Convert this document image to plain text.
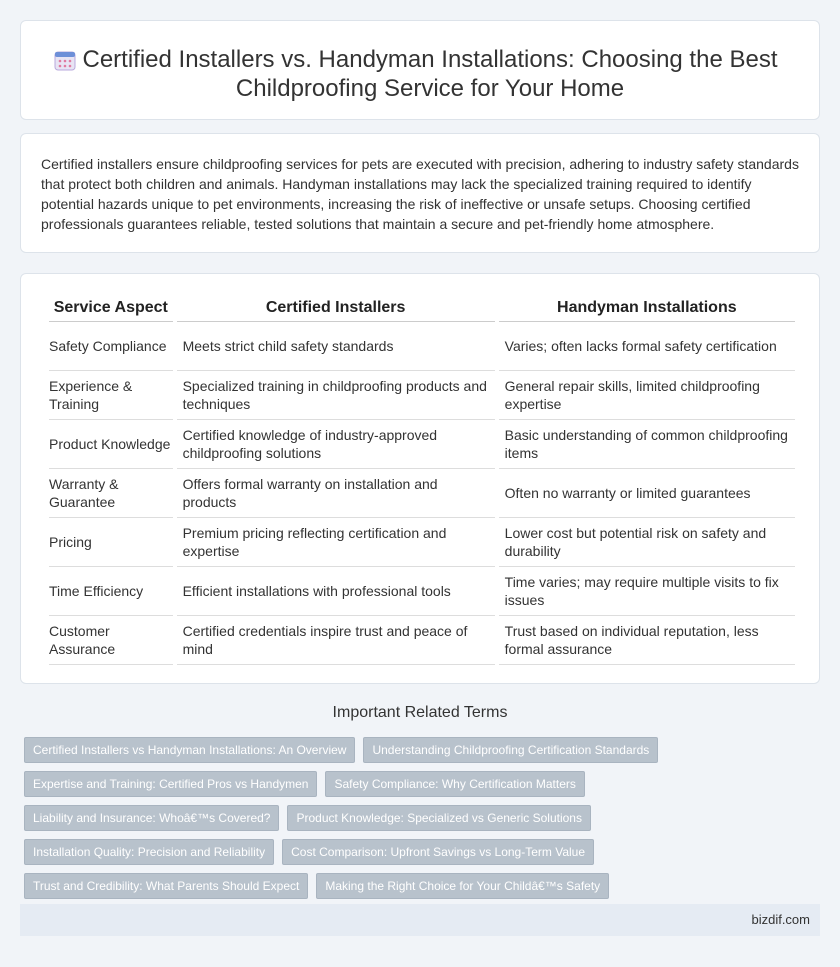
Certified Installers vs. Handyman Installations: Choosing the Best Childproofing Service for Your Home

Certified installers ensure childproofing services for pets are executed with precision, adhering to industry safety standards that protect both children and animals. Handyman installations may lack the specialized training required to identify potential hazards unique to pet environments, increasing the risk of ineffective or unsafe setups. Choosing certified professionals guarantees reliable, tested solutions that maintain a secure and pet-friendly home atmosphere.

Service Aspect	Certified Installers	Handyman Installations
Safety Compliance	Meets strict child safety standards	Varies; often lacks formal safety certification
Experience & Training	Specialized training in childproofing products and techniques	General repair skills, limited childproofing expertise
Product Knowledge	Certified knowledge of industry-approved childproofing solutions	Basic understanding of common childproofing items
Warranty & Guarantee	Offers formal warranty on installation and products	Often no warranty or limited guarantees
Pricing	Premium pricing reflecting certification and expertise	Lower cost but potential risk on safety and durability
Time Efficiency	Efficient installations with professional tools	Time varies; may require multiple visits to fix issues
Customer Assurance	Certified credentials inspire trust and peace of mind	Trust based on individual reputation, less formal assurance
Important Related Terms
Certified Installers vs Handyman Installations: An Overview	Understanding Childproofing Certification Standards
Expertise and Training: Certified Pros vs Handymen	Safety Compliance: Why Certification Matters
Liability and Insurance: Whoâ€™s Covered?	Product Knowledge: Specialized vs Generic Solutions
Installation Quality: Precision and Reliability	Cost Comparison: Upfront Savings vs Long-Term Value
Trust and Credibility: What Parents Should Expect	Making the Right Choice for Your Childâ€™s Safety
bizdif.com
